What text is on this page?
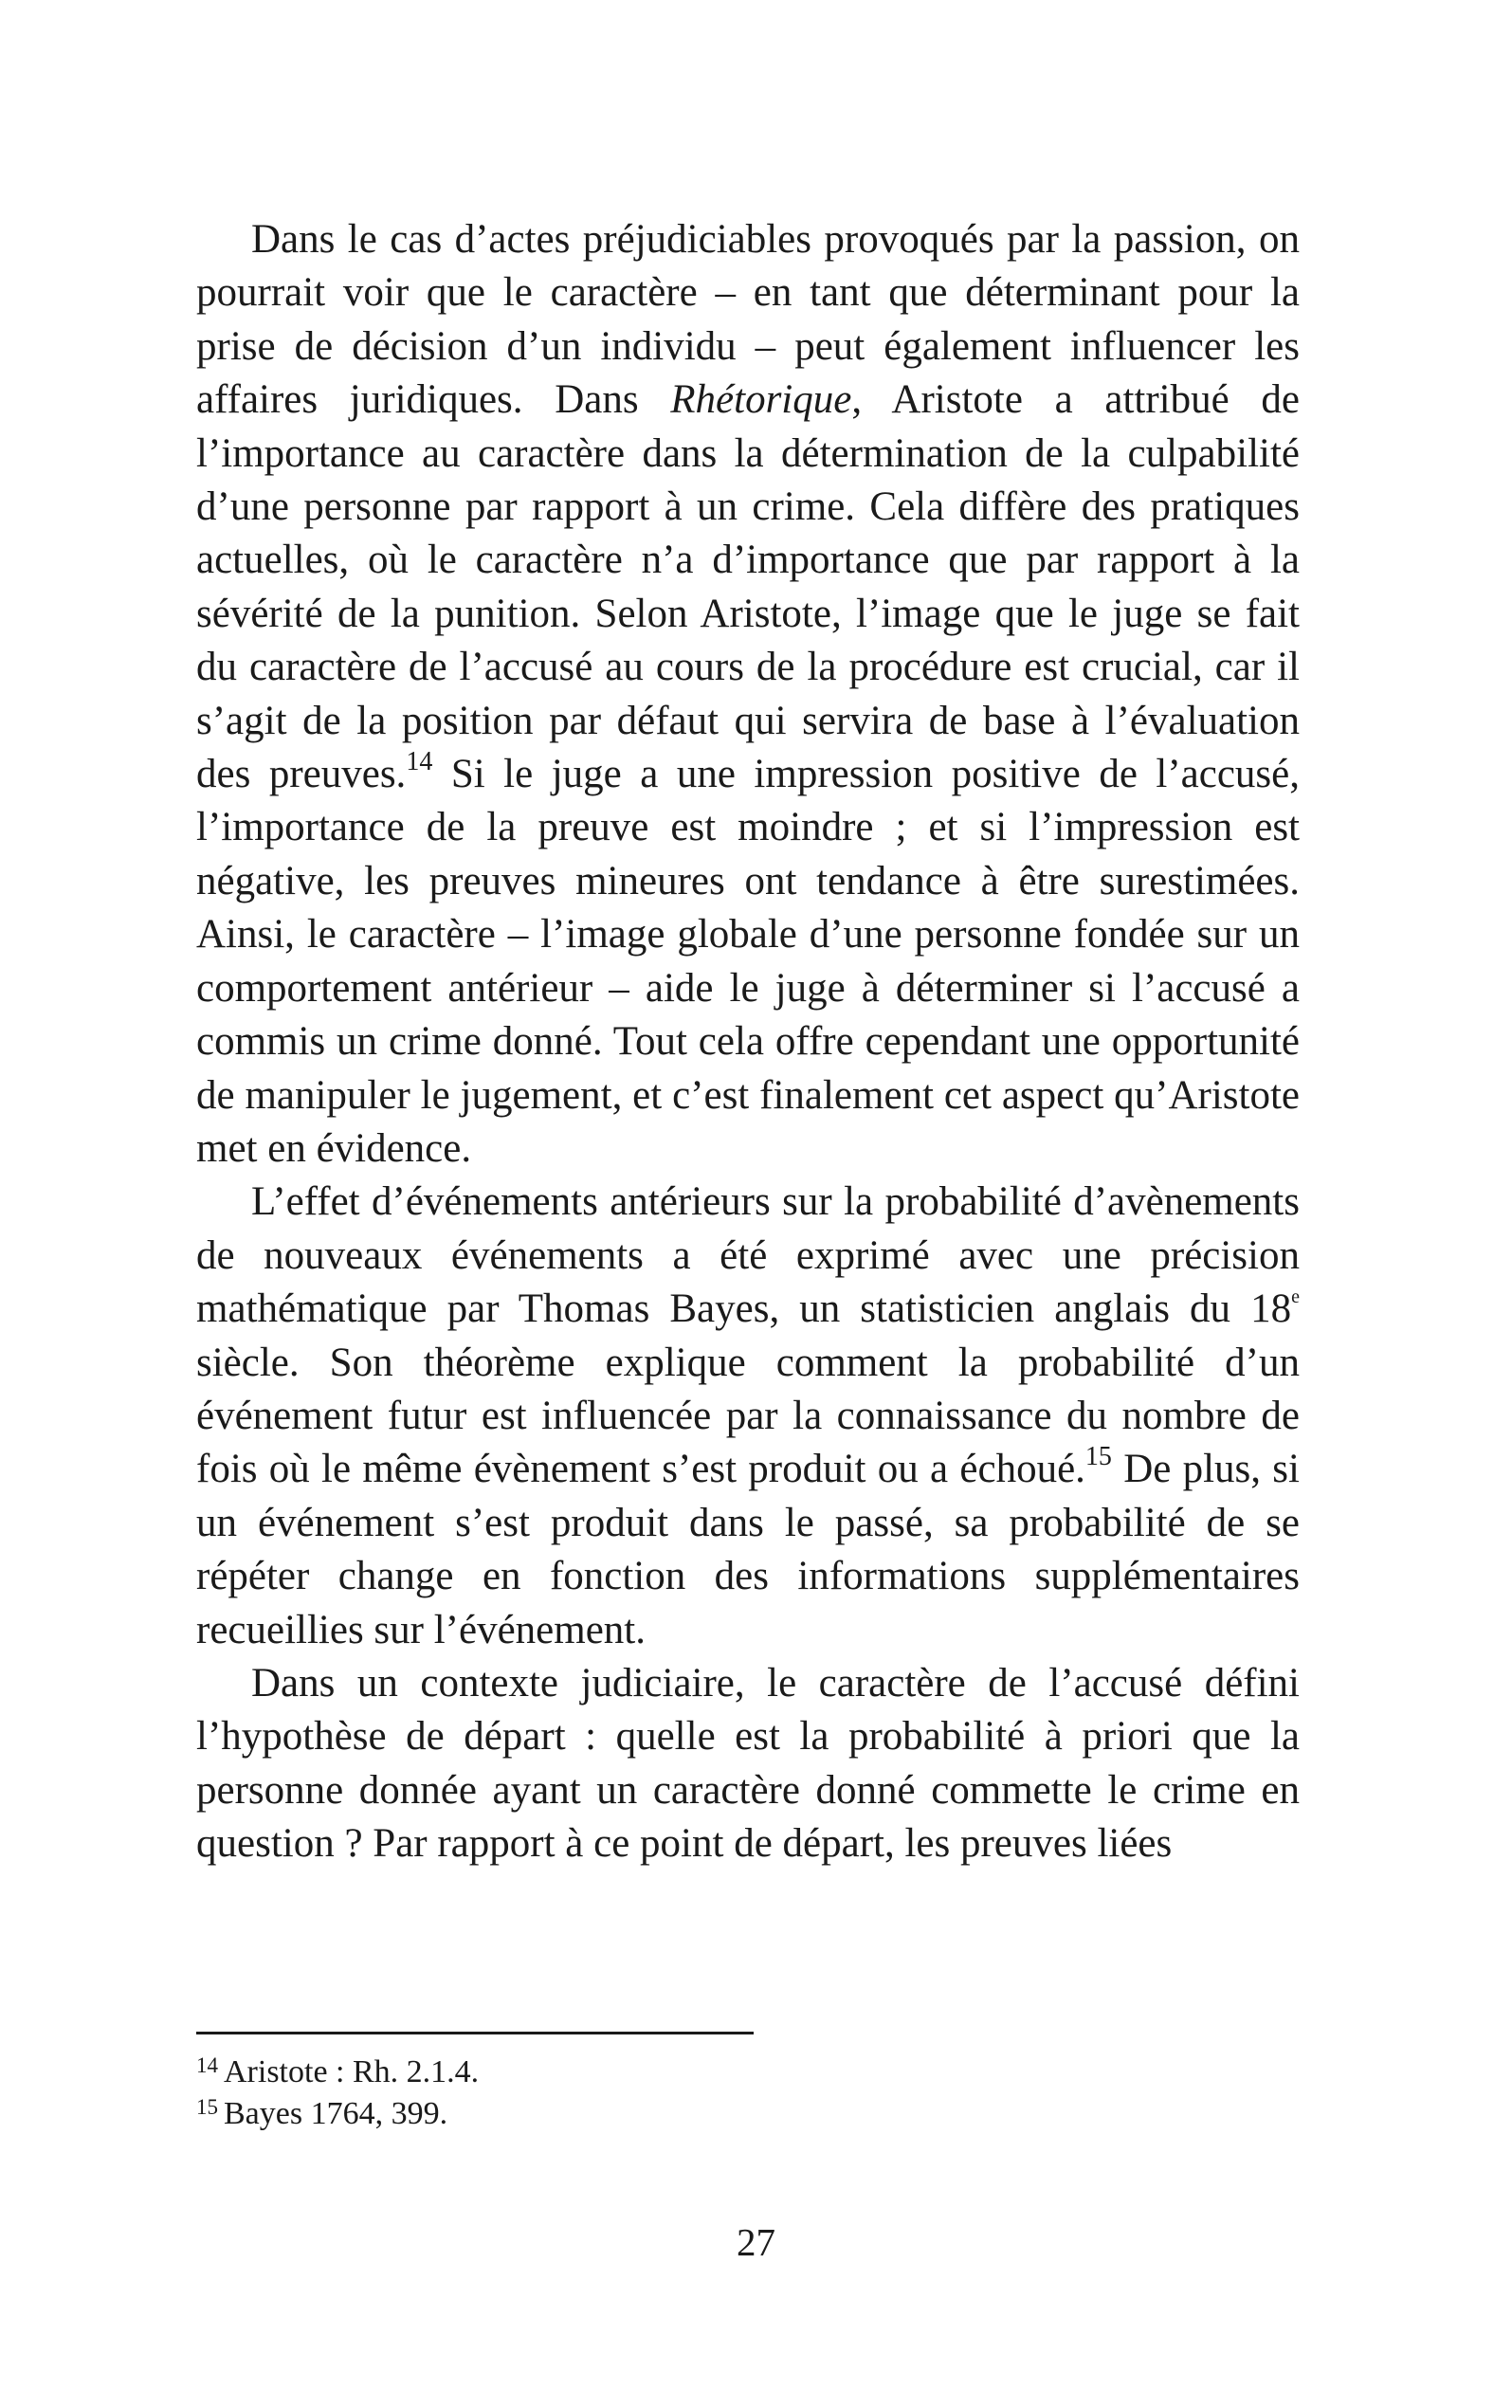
Dans le cas d’actes préjudiciables provoqués par la passion, on pourrait voir que le caractère – en tant que déterminant pour la prise de décision d’un individu – peut également influencer les affaires juridiques. Dans Rhétorique, Aristote a attribué de l’importance au caractère dans la détermination de la culpabilité d’une personne par rapport à un crime. Cela diffère des pratiques actuelles, où le caractère n’a d’importance que par rapport à la sévérité de la punition. Selon Aristote, l’image que le juge se fait du caractère de l’accusé au cours de la procédure est crucial, car il s’agit de la position par défaut qui servira de base à l’évaluation des preuves.$^{14}$ Si le juge a une impression positive de l’accusé, l’importance de la preuve est moindre ; et si l’impression est négative, les preuves mineures ont tendance à être surestimées. Ainsi, le caractère – l’image globale d’une personne fondée sur un comportement antérieur – aide le juge à déterminer si l’accusé a commis un crime donné. Tout cela offre cependant une opportunité de manipuler le jugement, et c’est finalement cet aspect qu’Aristote met en évidence.

L’effet d’événements antérieurs sur la probabilité d’avènements de nouveaux événements a été exprimé avec une précision mathématique par Thomas Bayes, un statisticien anglais du 18e siècle. Son théorème explique comment la probabilité d’un événement futur est influencée par la connaissance du nombre de fois où le même évènement s’est produit ou a échoué.$^{15}$ De plus, si un événement s’est produit dans le passé, sa probabilité de se répéter change en fonction des informations supplémentaires recueillies sur l’événement.

Dans un contexte judiciaire, le caractère de l’accusé défini l’hypothèse de départ : quelle est la probabilité à priori que la personne donnée ayant un caractère donné commette le crime en question ? Par rapport à ce point de départ, les preuves liées

$^{14}$ Aristote : Rh. 2.1.4.

$^{15}$ Bayes 1764, 399.

27
